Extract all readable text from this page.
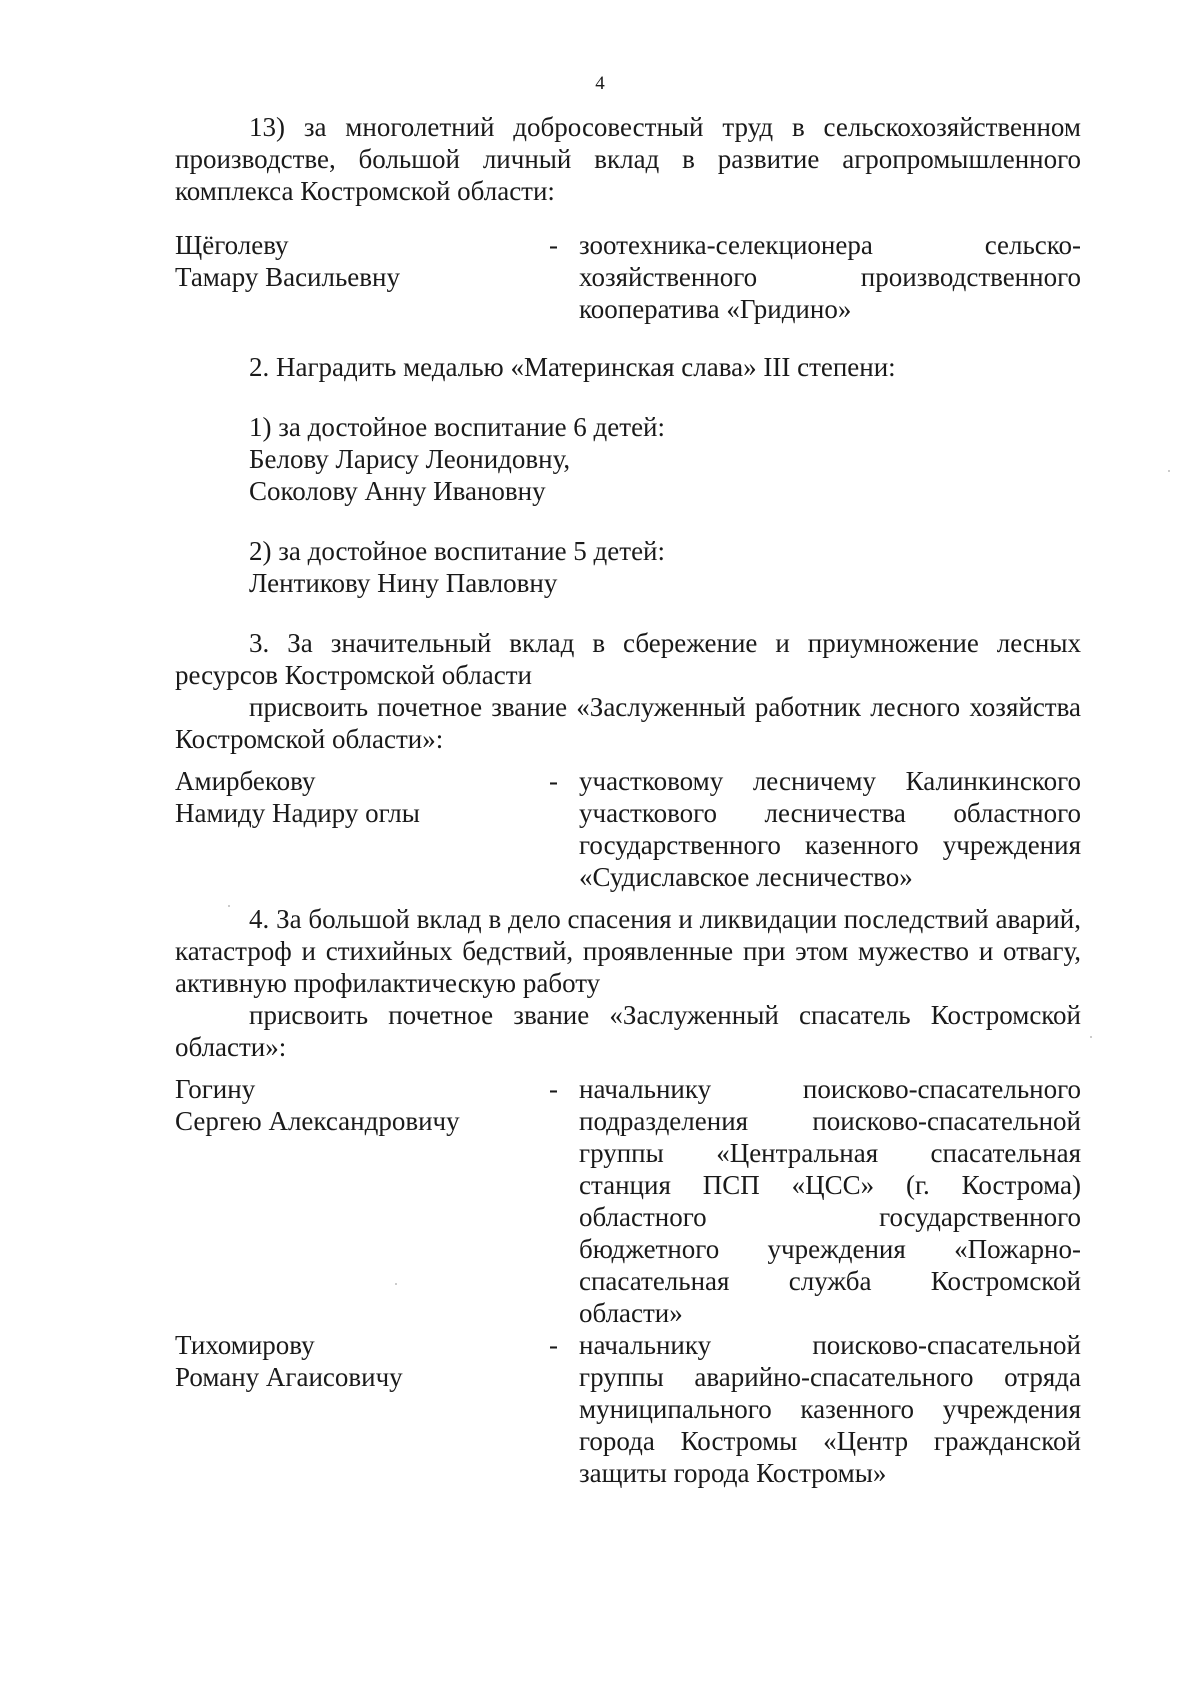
4

13) за многолетний добросовестный труд в сельскохозяйственном производстве, большой личный вклад в развитие агропромышленного комплекса Костромской области:

Щёголеву
Тамару Васильевну
- зоотехника-селекционера сельско-
хозяйственного производственного
кооператива «Гридино»

2. Наградить медалью «Материнская слава» III степени:

1) за достойное воспитание 6 детей:

Белову Ларису Леонидовну,

Соколову Анну Ивановну

2) за достойное воспитание 5 детей:

Лентикову Нину Павловну

3. За значительный вклад в сбережение и приумножение лесных ресурсов Костромской области

присвоить почетное звание «Заслуженный работник лесного хозяйства Костромской области»:

Амирбекову
Намиду Надиру оглы
- участковому лесничему Калинкинского
участкового лесничества областного
государственного казенного учреждения
«Судиславское лесничество»

4. За большой вклад в дело спасения и ликвидации последствий аварий, катастроф и стихийных бедствий, проявленные при этом мужество и отвагу, активную профилактическую работу

присвоить почетное звание «Заслуженный спасатель Костромской области»:

Гогину
Сергею Александровичу
- начальнику поисково-спасательного
подразделения поисково-спасательной
группы «Центральная спасательная
станция ПСП «ЦСС» (г. Кострома)
областного государственного
бюджетного учреждения «Пожарно-
спасательная служба Костромской
области»
Тихомирову
Роману Агаисовичу
- начальнику поисково-спасательной
группы аварийно-спасательного отряда
муниципального казенного учреждения
города Костромы «Центр гражданской
защиты города Костромы»
